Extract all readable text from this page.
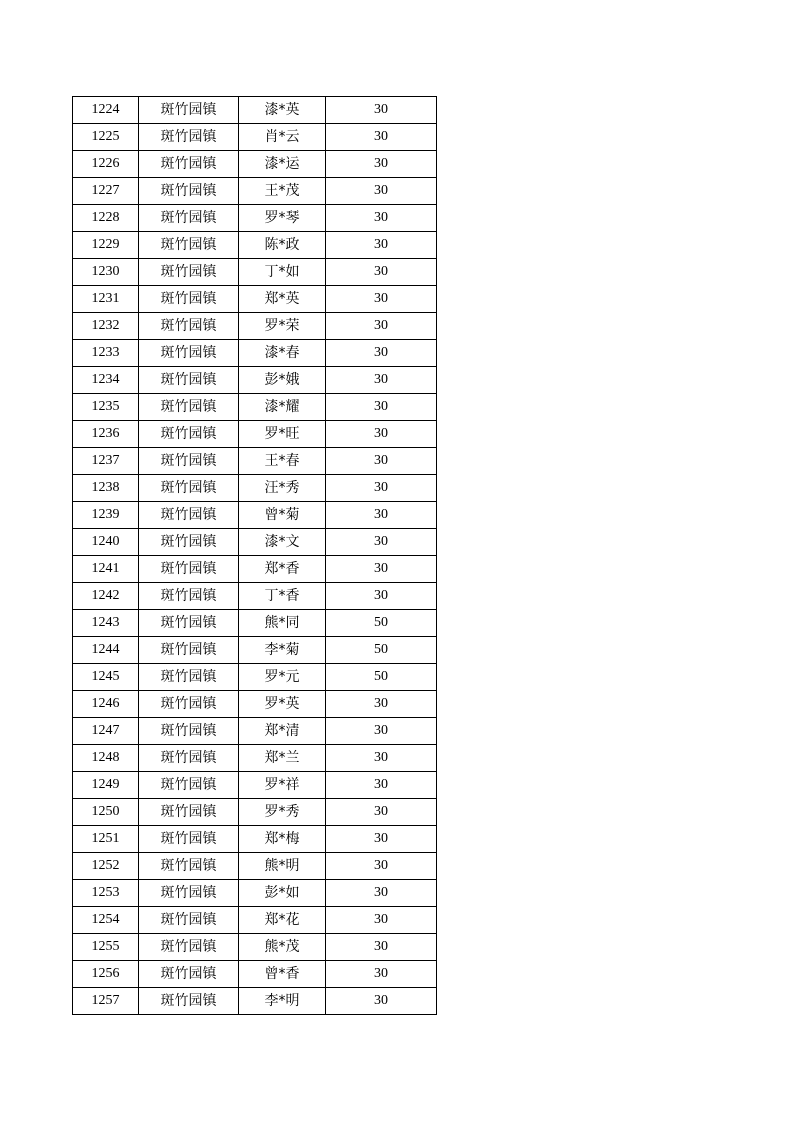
1224	斑竹园镇	漆*英	30
1225	斑竹园镇	肖*云	30
1226	斑竹园镇	漆*运	30
1227	斑竹园镇	王*茂	30
1228	斑竹园镇	罗*琴	30
1229	斑竹园镇	陈*政	30
1230	斑竹园镇	丁*如	30
1231	斑竹园镇	郑*英	30
1232	斑竹园镇	罗*荣	30
1233	斑竹园镇	漆*春	30
1234	斑竹园镇	彭*娥	30
1235	斑竹园镇	漆*耀	30
1236	斑竹园镇	罗*旺	30
1237	斑竹园镇	王*春	30
1238	斑竹园镇	汪*秀	30
1239	斑竹园镇	曾*菊	30
1240	斑竹园镇	漆*文	30
1241	斑竹园镇	郑*香	30
1242	斑竹园镇	丁*香	30
1243	斑竹园镇	熊*同	50
1244	斑竹园镇	李*菊	50
1245	斑竹园镇	罗*元	50
1246	斑竹园镇	罗*英	30
1247	斑竹园镇	郑*清	30
1248	斑竹园镇	郑*兰	30
1249	斑竹园镇	罗*祥	30
1250	斑竹园镇	罗*秀	30
1251	斑竹园镇	郑*梅	30
1252	斑竹园镇	熊*明	30
1253	斑竹园镇	彭*如	30
1254	斑竹园镇	郑*花	30
1255	斑竹园镇	熊*茂	30
1256	斑竹园镇	曾*香	30
1257	斑竹园镇	李*明	30
